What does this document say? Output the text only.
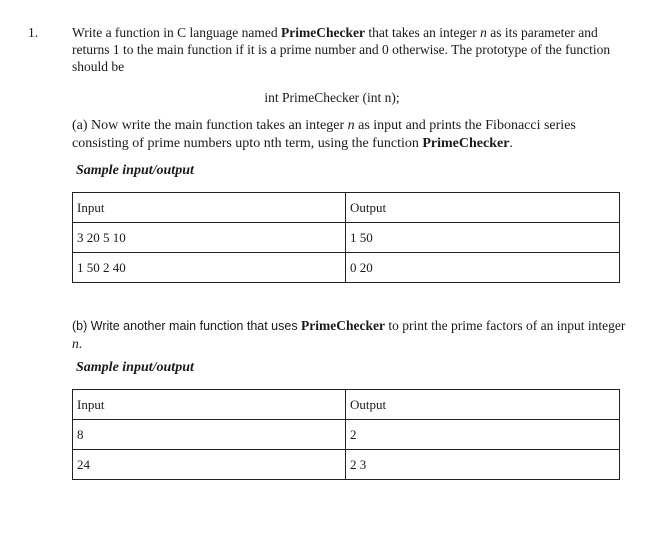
1.	Write a function in C language named PrimeChecker that takes an integer n as its parameter and returns 1 to the main function if it is a prime number and 0 otherwise. The prototype of the function should be
int PrimeChecker (int n);
(a) Now write the main function takes an integer n as input and prints the Fibonacci series consisting of prime numbers upto nth term, using the function PrimeChecker.
Sample input/output
Input	Output
3 20 5 10	1 50
1 50 2 40	0 20
(b) Write another main function that uses PrimeChecker to print the prime factors of an input integer n.
Sample input/output
Input	Output
8	2
24	2 3
